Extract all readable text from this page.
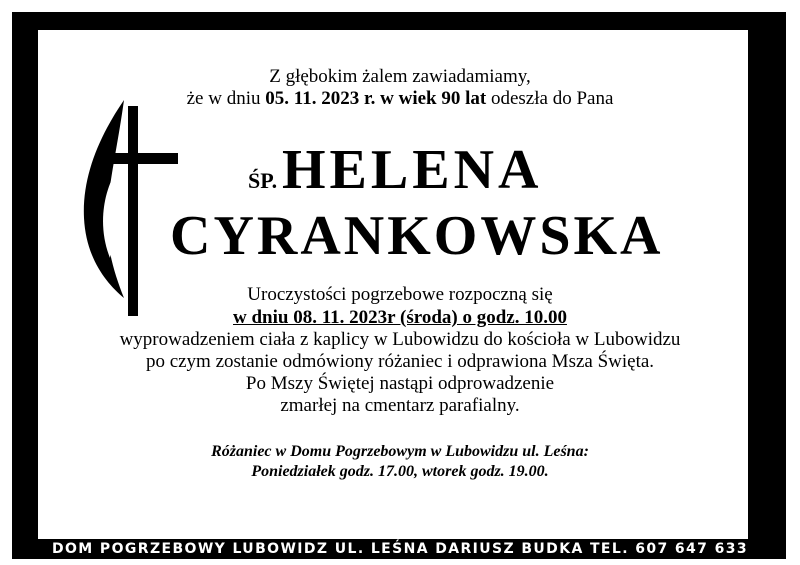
Z głębokim żalem zawiadamiamy,
że w dniu 05. 11. 2023 r. w wiek 90 lat odeszła do Pana
ŚP. HELENA
CYRANKOWSKA
Uroczystości pogrzebowe rozpoczną się
w dniu 08. 11. 2023r (środa) o godz. 10.00
wyprowadzeniem ciała z kaplicy w Lubowidzu do kościoła w Lubowidzu
po czym zostanie odmówiony różaniec i odprawiona Msza Święta.
Po Mszy Świętej nastąpi odprowadzenie
zmarłej na cmentarz parafialny.
Różaniec w Domu Pogrzebowym w Lubowidzu ul. Leśna:
Poniedziałek godz. 17.00, wtorek godz. 19.00.
DOM POGRZEBOWY LUBOWIDZ UL. LEŚNA DARIUSZ BUDKA TEL. 607 647 633
